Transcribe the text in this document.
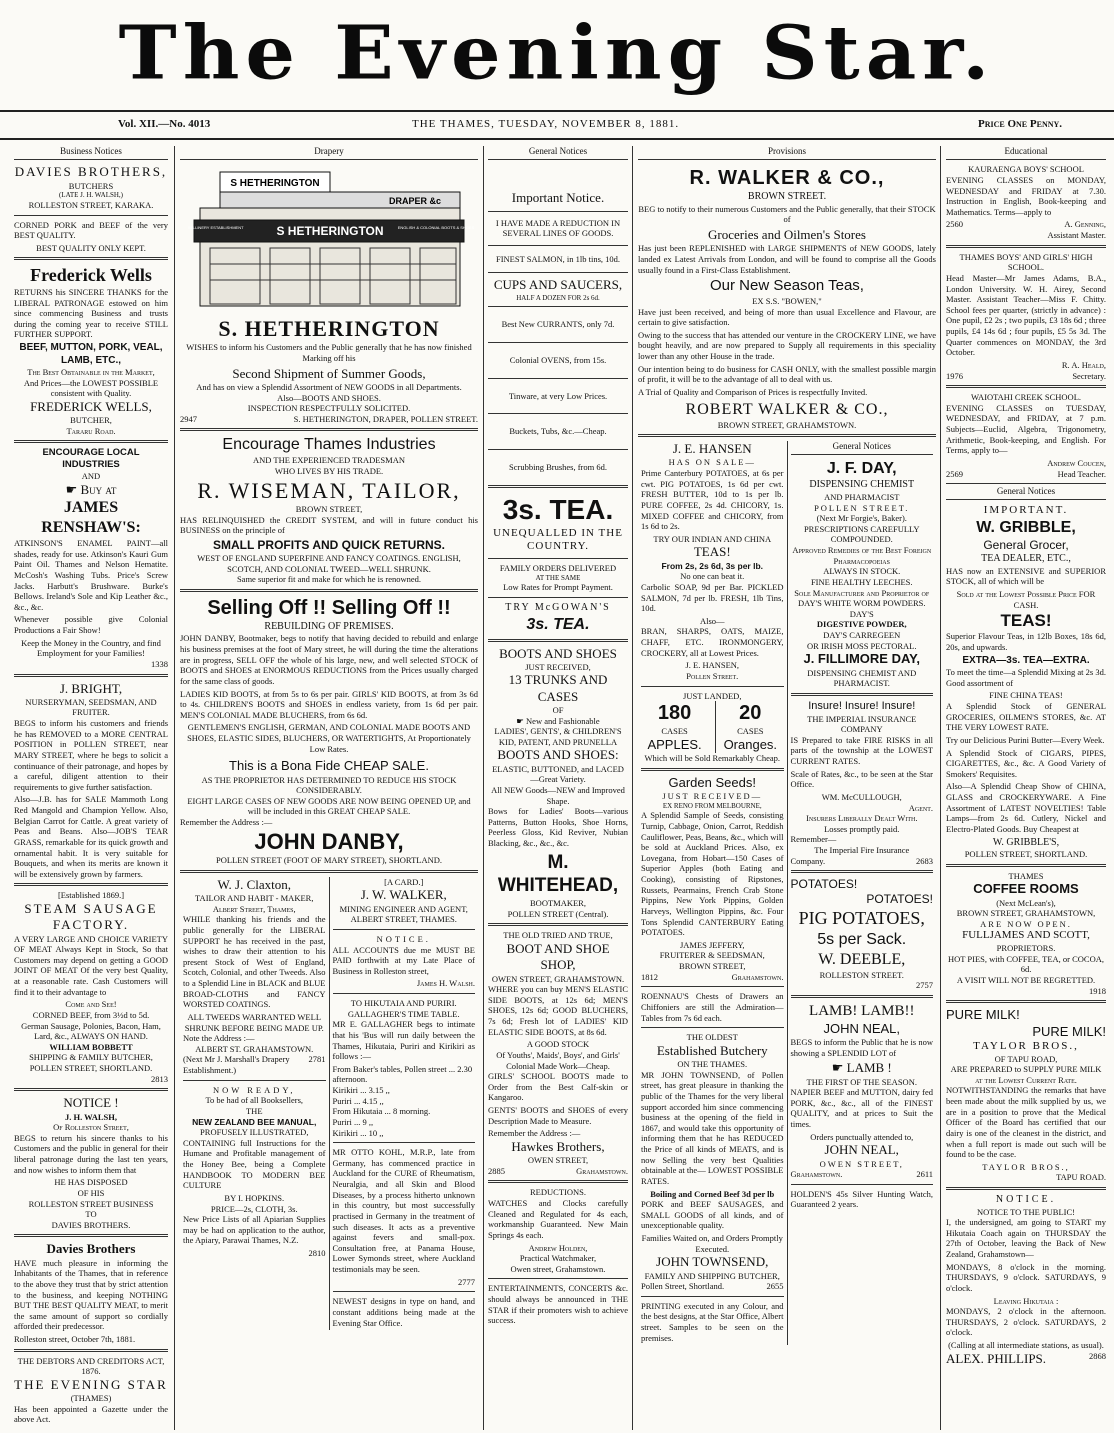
The Evening Star.
Vol. XII.—No. 4013	THE THAMES, TUESDAY, NOVEMBER 8, 1881.	Price One Penny.
Business Notices
DAVIES BROTHERS,
BUTCHERS
(LATE J. H. WALSH,)
ROLLESTON STREET, KARAKA.

CORNED PORK and BEEF of the very BEST QUALITY.

BEST QUALITY ONLY KEPT.
Frederick Wells

RETURNS his SINCERE THANKS for the LIBERAL PATRONAGE estowed on him since commencing Business and trusts during the coming year to receive STILL FURTHER SUPPORT.

BEEF, MUTTON, PORK, VEAL, LAMB, ETC.,
The Best Obtainable in the Market,
And Prices—the LOWEST POSSIBLE consistent with Quality.
FREDERICK WELLS,
BUTCHER,
Tararu Road.
ENCOURAGE LOCAL INDUSTRIES
AND
☛ Buy at
JAMES RENSHAW'S:

ATKINSON'S ENAMEL PAINT—all shades, ready for use. Atkinson's Kauri Gum Paint Oil. Thames and Nelson Hematite. McCosh's Washing Tubs. Price's Screw Jacks. Harbutt's Brushware. Burke's Bellows. Ireland's Sole and Kip Leather &c., &c., &c.

Whenever possible give Colonial Productions a Fair Show!

Keep the Money in the Country, and find Employment for your Families!
1338
J. BRIGHT,
NURSERYMAN, SEEDSMAN, AND FRUITER.

BEGS to inform his customers and friends he has REMOVED to a MORE CENTRAL POSITION in POLLEN STREET, near MARY STREET, where he begs to solicit a continuance of their patronage, and hopes by a careful, diligent attention to their requirements to give further satisfaction.

Also—J.B. has for SALE Mammoth Long Red Mangold and Champion Yellow. Also, Belgian Carrot for Cattle. A great variety of Peas and Beans. Also—JOB'S TEAR GRASS, remarkable for its quick growth and ornamental habit. It is very suitable for Bouquets, and when its merits are known it will be extensively grown by farmers.

[Established 1869.]
STEAM SAUSAGE FACTORY.

A VERY LARGE AND CHOICE VARIETY OF MEAT Always Kept in Stock, So that Customers may depend on getting a GOOD JOINT OF MEAT Of the very best Quality, at a reasonable rate. Cash Customers will find it to their advantage to

Come and See!
CORNED BEEF, from 3½d to 5d.
German Sausage, Polonies, Bacon, Ham, Lard, &c., ALWAYS ON HAND.
WILLIAM BOBBETT
SHIPPING & FAMILY BUTCHER, POLLEN STREET, SHORTLAND.
2813
NOTICE !
J. H. WALSH,
Of Rolleston Street,

BEGS to return his sincere thanks to his Customers and the public in general for their liberal patronage during the last ten years, and now wishes to inform them that

HE HAS DISPOSED
OF HIS
ROLLESTON STREET BUSINESS
TO
DAVIES BROTHERS.
Davies Brothers

HAVE much pleasure in informing the Inhabitants of the Thames, that in reference to the above they trust that by strict attention to the business, and keeping NOTHING BUT THE BEST QUALITY MEAT, to merit the same amount of support so cordially afforded their predecessor.

Rolleston street, October 7th, 1881.
THE DEBTORS AND CREDITORS ACT, 1876.
THE EVENING STAR
(THAMES)

Has been appointed a Gazette under the above Act.

Drapery
S HETHERINGTON
DRAPER &c
S HETHERINGTON
MILLINERY ESTABLISHMENT	ENGLISH & COLONIAL BOOTS & SHOES
S. HETHERINGTON

WISHES to inform his Customers and the Public generally that he has now finished Marking off his

Second Shipment of Summer Goods,
And has on view a Splendid Assortment of NEW GOODS in all Departments.
Also—BOOTS AND SHOES.
INSPECTION RESPECTFULLY SOLICITED.
2947	S. HETHERINGTON, DRAPER, POLLEN STREET.
Encourage Thames Industries
AND THE EXPERIENCED TRADESMAN
WHO LIVES BY HIS TRADE.
R. WISEMAN, TAILOR,
BROWN STREET,

HAS RELINQUISHED the CREDIT SYSTEM, and will in future conduct his BUSINESS on the principle of

SMALL PROFITS AND QUICK RETURNS.
WEST OF ENGLAND SUPERFINE AND FANCY COATINGS. ENGLISH, SCOTCH, AND COLONIAL TWEED—WELL SHRUNK.
Same superior fit and make for which he is renowned.
Selling Off !! Selling Off !!
REBUILDING OF PREMISES.

JOHN DANBY, Bootmaker, begs to notify that having decided to rebuild and enlarge his business premises at the foot of Mary street, he will during the time the alterations are in progress, SELL OFF the whole of his large, new, and well selected STOCK of BOOTS and SHOES at ENORMOUS REDUCTIONS from the Prices usually charged for the same class of goods.

LADIES KID BOOTS, at from 5s to 6s per pair. GIRLS' KID BOOTS, at from 3s 6d to 4s. CHILDREN'S BOOTS and SHOES in endless variety, from 1s 6d per pair. MEN'S COLONIAL MADE BLUCHERS, from 6s 6d.

GENTLEMEN'S ENGLISH, GERMAN, AND COLONIAL MADE BOOTS AND SHOES, ELASTIC SIDES, BLUCHERS, OR WATERTIGHTS, At Proportionately Low Rates.
This is a Bona Fide CHEAP SALE.
AS THE PROPRIETOR HAS DETERMINED TO REDUCE HIS STOCK CONSIDERABLY.
EIGHT LARGE CASES OF NEW GOODS ARE NOW BEING OPENED UP, and will be included in this GREAT CHEAP SALE.
Remember the Address :—
JOHN DANBY,
POLLEN STREET (FOOT OF MARY STREET), SHORTLAND.
W. J. Claxton,
TAILOR AND HABIT - MAKER,
Albert Street, Thames,

WHILE thanking his friends and the public generally for the LIBERAL SUPPORT he has received in the past, wishes to draw their attention to his present Stock of West of England, Scotch, Colonial, and other Tweeds. Also to a Splendid Line in BLACK and BLUE BROAD-CLOTHS and FANCY WORSTED COATINGS.

ALL TWEEDS WARRANTED WELL SHRUNK BEFORE BEING MADE UP.
Note the Address :—
ALBERT ST. GRAHAMSTOWN.
(Next Mr J. Marshall's Drapery Establishment.)
2781
NOW READY,
To be had of all Booksellers,
THE
NEW ZEALAND BEE MANUAL,
PROFUSELY ILLUSTRATED,

CONTAINING full Instructions for the Humane and Profitable management of the Honey Bee, being a Complete HANDBOOK TO MODERN BEE CULTURE

BY I. HOPKINS.
PRICE—2s, CLOTH, 3s.

New Price Lists of all Apiarian Supplies may be had on application to the author, the Apiary, Parawai Thames, N.Z.

2810
[A CARD.]
J. W. WALKER,
MINING ENGINEER AND AGENT,
ALBERT STREET, THAMES.
NOTICE.

ALL ACCOUNTS due me MUST BE PAID forthwith at my Late Place of Business in Rolleston street,

James H. Walsh.
TO HIKUTAIA AND PURIRI.
GALLAGHER'S TIME TABLE.

MR E. GALLAGHER begs to intimate that his 'Bus will run daily between the Thames, Hikutaia, Puriri and Kirikiri as follows :—

From Baker's tables, Pollen street ... 2.30 afternoon.
Kirikiri ... 3.15 ,,
Puriri ... 4.15 ,,
From Hikutaia ... 8 morning.
Puriri ... 9 ,,
Kirikiri ... 10 ,,

MR OTTO KOHL, M.R.P., late from Germany, has commenced practice in Auckland for the CURE of Rheumatism, Neuralgia, and all Skin and Blood Diseases, by a process hitherto unknown in this country, but most successfully practised in Germany in the treatment of such diseases. It acts as a preventive against fevers and small-pox. Consultation free, at Panama House, Lower Symonds street, where Auckland testimonials may be seen.

2777

NEWEST designs in type on hand, and constant additions being made at the Evening Star Office.

General Notices
Important Notice.
I HAVE MADE A REDUCTION IN SEVERAL LINES OF GOODS.
FINEST SALMON, in 1lb tins, 10d.
CUPS AND SAUCERS,
HALF A DOZEN FOR 2s 6d.
Best New CURRANTS, only 7d.
Colonial OVENS, from 15s.
Tinware, at very Low Prices.
Buckets, Tubs, &c.—Cheap.
Scrubbing Brushes, from 6d.
3s. TEA.
UNEQUALLED IN THE COUNTRY.
FAMILY ORDERS DELIVERED
AT THE SAME
Low Rates for Prompt Payment.
TRY McGOWAN'S
3s. TEA.
BOOTS AND SHOES
JUST RECEIVED,
13 TRUNKS AND CASES
OF
☛ New and Fashionable
LADIES', GENTS', & CHILDREN'S KID, PATENT, AND PRUNELLA
BOOTS AND SHOES:
ELASTIC, BUTTONED, and LACED—Great Variety.
All NEW Goods—NEW and Improved Shape.

Bows for Ladies' Boots—various Patterns, Button Hooks, Shoe Horns, Peerless Gloss, Kid Reviver, Nubian Blacking, &c., &c., &c.

M. WHITEHEAD,
BOOTMAKER,
POLLEN STREET (Central).
THE OLD TRIED AND TRUE,
BOOT AND SHOE SHOP,
OWEN STREET, GRAHAMSTOWN.

WHERE you can buy MEN'S ELASTIC SIDE BOOTS, at 12s 6d; MEN'S SHOES, 12s 6d; GOOD BLUCHERS, 7s 6d; Fresh lot of LADIES' KID ELASTIC SIDE BOOTS, at 8s 6d.

A GOOD STOCK
Of Youths', Maids', Boys', and Girls' Colonial Made Work—Cheap.

GIRLS' SCHOOL BOOTS made to Order from the Best Calf-skin or Kangaroo.

GENTS' BOOTS and SHOES of every Description Made to Measure.

Remember the Address :—
Hawkes Brothers,
OWEN STREET,
2885	Grahamstown.
REDUCTIONS.

WATCHES and Clocks carefully Cleaned and Regulated for 4s each, workmanship Guaranteed. New Main Springs 4s each.

Andrew Holden,
Practical Watchmaker,
Owen street, Grahamstown.

ENTERTAINMENTS, CONCERTS &c. should always be announced in THE STAR if their promoters wish to achieve success.

Provisions
R. WALKER & CO.,
BROWN STREET.

BEG to notify to their numerous Customers and the Public generally, that their STOCK of

Groceries and Oilmen's Stores

Has just been REPLENISHED with LARGE SHIPMENTS of NEW GOODS, lately landed ex Latest Arrivals from London, and will be found to comprise all the Goods usually found in a First-Class Establishment.

Our New Season Teas,
EX S.S. "BOWEN,"

Have just been received, and being of more than usual Excellence and Flavour, are certain to give satisfaction.

Owing to the success that has attended our venture in the CROCKERY LINE, we have bought heavily, and are now prepared to Supply all requirements in this speciality lower than any other House in the trade.

Our intention being to do business for CASH ONLY, with the smallest possible margin of profit, it will be to the advantage of all to deal with us.

A Trial of Quality and Comparison of Prices is respectfully Invited.

ROBERT WALKER & CO.,
BROWN STREET, GRAHAMSTOWN.
J. E. HANSEN
HAS ON SALE—

Prime Canterbury POTATOES, at 6s per cwt. PIG POTATOES, 1s 6d per cwt. FRESH BUTTER, 10d to 1s per lb. PURE COFFEE, 2s 4d. CHICORY, 1s. MIXED COFFEE and CHICORY, from 1s 6d to 2s.

TRY OUR INDIAN AND CHINA
TEAS!
From 2s, 2s 6d, 3s per lb.
No one can beat it.

Carbolic SOAP, 9d per Bar. PICKLED SALMON, 7d per lb. FRESH, 1lb Tins, 10d.

Also—

BRAN, SHARPS, OATS, MAIZE, CHAFF, ETC. IRONMONGERY, CROCKERY, all at Lowest Prices.

J. E. HANSEN,
Pollen Street.
JUST LANDED,
180
CASES
APPLES.
20
CASES
Oranges.
Which will be Sold Remarkably Cheap.
Garden Seeds!
JUST RECEIVED—
EX RENO FROM MELBOURNE,

A Splendid Sample of Seeds, consisting Turnip, Cabbage, Onion, Carrot, Reddish Cauliflower, Peas, Beans, &c., which will be sold at Auckland Prices. Also, ex Lovegana, from Hobart—150 Cases of Superior Apples (both Eating and Cooking), consisting of Ripstones, Russets, Pearmains, French Crab Stone Pippins, New York Pippins, Golden Harveys, Wellington Pippins, &c. Four Tons Splendid CANTERBURY Eating POTATOES.

JAMES JEFFERY,
FRUITERER & SEEDSMAN,
BROWN STREET,
1812	Grahamstown.

ROENNAU'S Chests of Drawers an Chiffoniers are still the Admiration—Tables from 7s 6d each.

THE OLDEST
Established Butchery
ON THE THAMES.

MR JOHN TOWNSEND, of Pollen street, has great pleasure in thanking the public of the Thames for the very liberal support accorded him since commencing business at the opening of the field in 1867, and would take this opportunity of informing them that he has REDUCED the Price of all kinds of MEATS, and is now Selling the very best Qualities obtainable at the— LOWEST POSSIBLE RATES.

Boiling and Corned Beef 3d per lb

PORK and BEEF SAUSAGES, and SMALL GOODS of all kinds, and of unexceptionable quality.

Families Waited on, and Orders Promptly Executed.
JOHN TOWNSEND,
FAMILY AND SHIPPING BUTCHER,
Pollen Street, Shortland.	2655

PRINTING executed in any Colour, and the best designs, at the Star Office, Albert street. Samples to be seen on the premises.

General Notices
J. F. DAY,
DISPENSING CHEMIST
AND PHARMACIST
POLLEN STREET.
(Next Mr Forgie's, Baker).
PRESCRIPTIONS CAREFULLY COMPOUNDED.
Approved Remedies of the Best Foreign Pharmacopoeias
ALWAYS IN STOCK.
FINE HEALTHY LEECHES.
Sole Manufacturer and Proprietor of
DAY'S WHITE WORM POWDERS.
DAY'S
DIGESTIVE POWDER,
DAY'S CARREGEEN
OR IRISH MOSS PECTORAL.
J. FILLIMORE DAY,
DISPENSING CHEMIST AND
PHARMACIST.
Insure! Insure! Insure!
THE IMPERIAL INSURANCE
COMPANY

IS Prepared to take FIRE RISKS in all parts of the township at the LOWEST CURRENT RATES.

Scale of Rates, &c., to be seen at the Star Office.

WM. McCULLOUGH,
Agent.
Insurers Liberally Dealt With.
Losses promptly paid.
Remember—
The Imperial Fire Insurance
Company.	2683
POTATOES!
POTATOES!
PIG POTATOES,
5s per Sack.
W. DEEBLE,
ROLLESTON STREET.
2757
LAMB! LAMB!!
JOHN NEAL,

BEGS to inform the Public that he is now showing a SPLENDID LOT of

☛ LAMB !
THE FIRST OF THE SEASON.

NAPIER BEEF and MUTTON, dairy fed PORK, &c., &c., all of the FINEST QUALITY, and at prices to Suit the times.

Orders punctually attended to,
JOHN NEAL,
OWEN STREET,
Grahamstown.	2611

HOLDEN'S 45s Silver Hunting Watch, Guaranteed 2 years.

Educational
KAURAENGA BOYS' SCHOOL

EVENING CLASSES on MONDAY, WEDNESDAY and FRIDAY at 7.30. Instruction in English, Book-keeping and Mathematics. Terms—apply to

2560	A. Genning,
Assistant Master.
THAMES BOYS' AND GIRLS' HIGH SCHOOL.

Head Master—Mr James Adams, B.A., London University. W. H. Airey, Second Master. Assistant Teacher—Miss F. Chitty. School fees per quarter, (strictly in advance) : One pupil, £2 2s ; two pupils, £3 18s 6d ; three pupils, £4 14s 6d ; four pupils, £5 5s 3d. The Quarter commences on MONDAY, the 3rd October.

R. A. Heald,
1976	Secretary.
WAIOTAHI CREEK SCHOOL.

EVENING CLASSES on TUESDAY, WEDNESDAY, and FRIDAY, at 7 p.m. Subjects—Euclid, Algebra, Trigonometry, Arithmetic, Book-keeping, and English. For Terms, apply to—

Andrew Coucen,
2569	Head Teacher.
General Notices
IMPORTANT.
W. GRIBBLE,
General Grocer,
TEA DEALER, ETC.,

HAS now an EXTENSIVE and SUPERIOR STOCK, all of which will be

Sold at the Lowest Possible Price FOR CASH.
TEAS!

Superior Flavour Teas, in 12lb Boxes, 18s 6d, 20s, and upwards.

EXTRA—3s. TEA—EXTRA.

To meet the time—a Splendid Mixing at 2s 3d. Good assortment of

FINE CHINA TEAS!

A Splendid Stock of GENERAL GROCERIES, OILMEN'S STORES, &c. AT THE VERY LOWEST RATE.

Try our Delicious Purini Butter—Every Week.

A Splendid Stock of CIGARS, PIPES, CIGARETTES, &c., &c. A Good Variety of Smokers' Requisites.

Also—A Splendid Cheap Show of CHINA, GLASS and CROCKERYWARE. A Fine Assortment of LATEST NOVELTIES! Table Lamps—from 2s 6d. Cutlery, Nickel and Electro-Plated Goods. Buy Cheapest at

W. GRIBBLE'S,
POLLEN STREET, SHORTLAND.
THAMES
COFFEE ROOMS
(Next McLean's),
BROWN STREET, GRAHAMSTOWN,
ARE NOW OPEN.
FULLJAMES AND SCOTT,
PROPRIETORS.
HOT PIES, with COFFEE, TEA, or COCOA, 6d.
A VISIT WILL NOT BE REGRETTED.
1918
PURE MILK!
PURE MILK!
TAYLOR BROS.,
OF TAPU ROAD,
ARE PREPARED to SUPPLY PURE MILK
at the Lowest Current Rate.

NOTWITHSTANDING the remarks that have been made about the milk supplied by us, we are in a position to prove that the Medical Officer of the Board has certified that our dairy is one of the cleanest in the district, and when a full report is made out such will be found to be the case.

TAYLOR BROS.,
TAPU ROAD.
NOTICE.
NOTICE TO THE PUBLIC!

I, the undersigned, am going to START my Hikutaia Coach again on THURSDAY the 27th of October, leaving the Back of New Zealand, Grahamstown—

MONDAYS, 8 o'clock in the morning. THURSDAYS, 9 o'clock. SATURDAYS, 9 o'clock.

Leaving Hikutaia :

MONDAYS, 2 o'clock in the afternoon. THURSDAYS, 2 o'clock. SATURDAYS, 2 o'clock.

(Calling at all intermediate stations, as usual).
ALEX. PHILLIPS.	2868
